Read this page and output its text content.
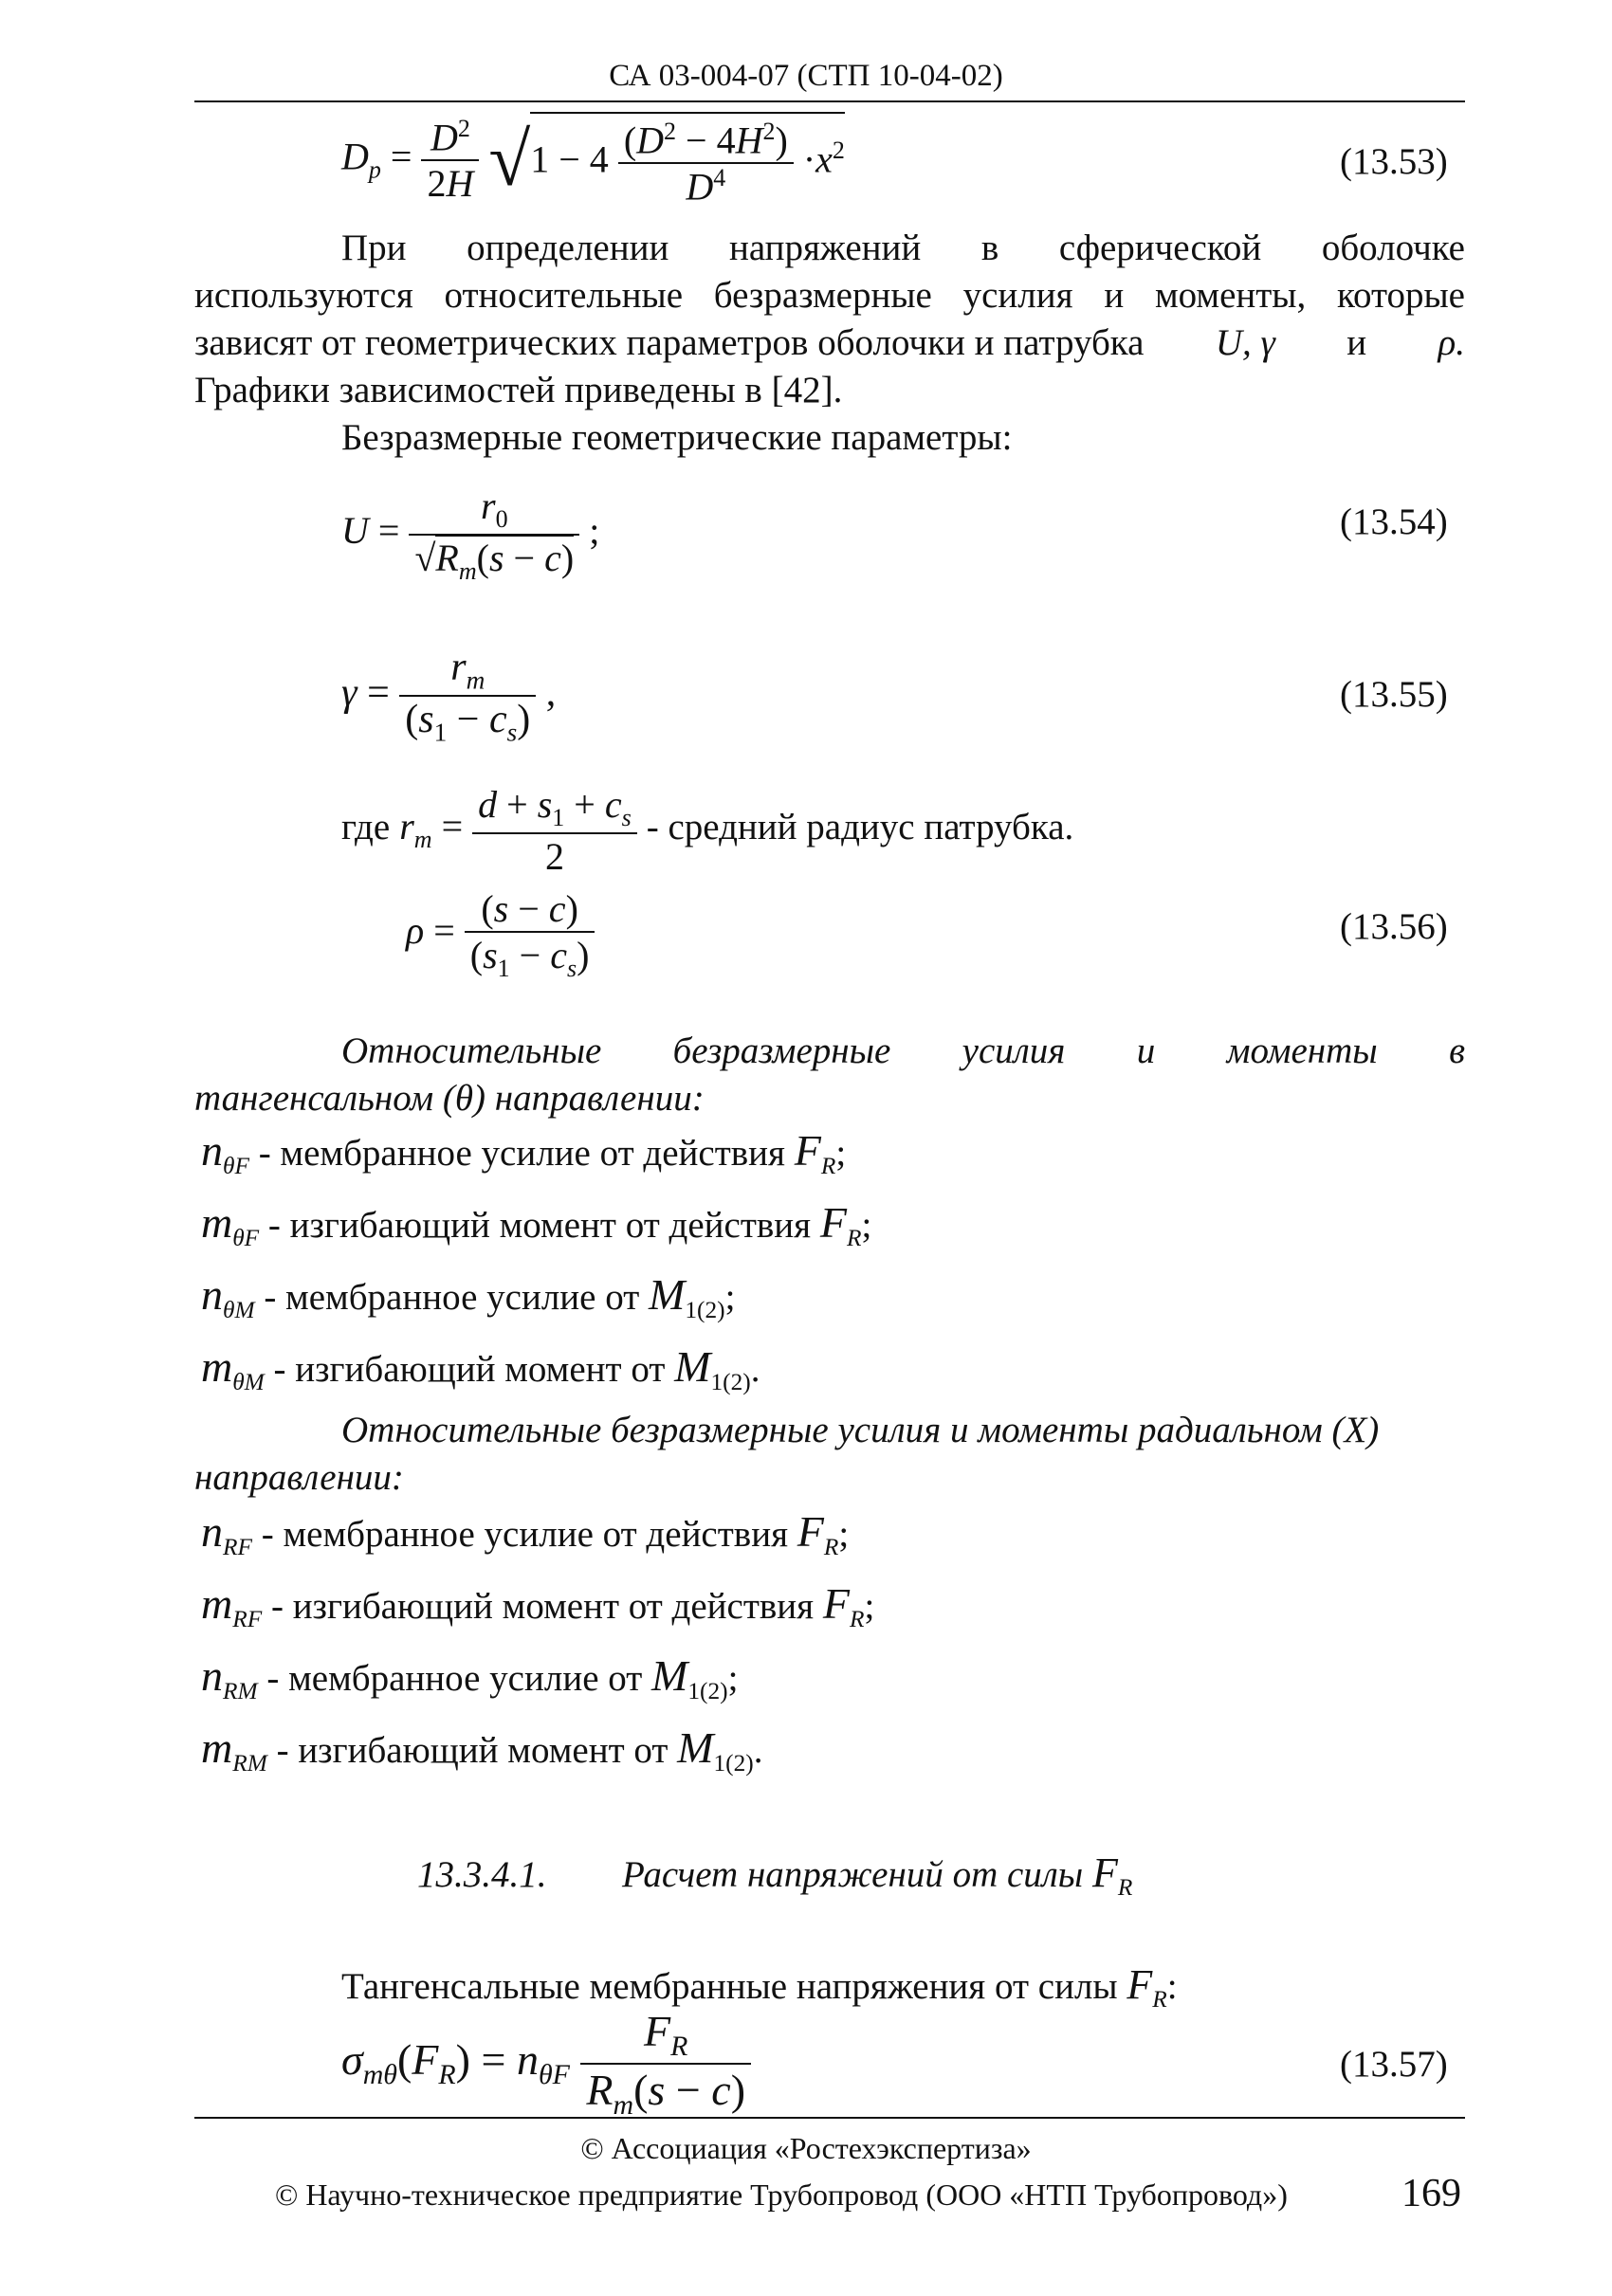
СА 03-004-07 (СТП 10-04-02)
$D_p = \frac{D^2}{2H} √1 - 4 \frac{(D^2 - 4H^2)}{D^4} \cdot x^2$	(13.53)
При определении напряжений в сферической оболочке
используются относительные безразмерные усилия и моменты, которые
зависят от геометрических параметров оболочки и патрубка U, γ и ρ.
Графики зависимостей приведены в [42].
Безразмерные геометрические параметры:
$U = \frac{r_0}{√R_m(s - c)}$ ;	(13.54)
$\gamma = \frac{r_m}{(s_1 - c_s)}$ ,	(13.55)
где $r_m = \frac{d + s_1 + c_s}{2}$ - средний радиус патрубка.
$\rho = \frac{(s - c)}{(s_1 - c_s)}$	(13.56)
Относительные безразмерные усилия и моменты в
тангенсальном (θ) направлении:
$n_{\theta F}$ - мембранное усилие от действия $F_R$;
$m_{\theta F}$ - изгибающий момент от действия $F_R$;
$n_{\theta M}$ - мембранное усилие от $M_{1(2)}$;
$m_{\theta M}$ - изгибающий момент от $M_{1(2)}$.
Относительные безразмерные усилия и моменты радиальном (X)
направлении:
$n_{RF}$ - мембранное усилие от действия $F_R$;
$m_{RF}$ - изгибающий момент от действия $F_R$;
$n_{RM}$ - мембранное усилие от $M_{1(2)}$;
$m_{RM}$ - изгибающий момент от $M_{1(2)}$.
13.3.4.1. Расчет напряжений от силы $F_R$
Тангенсальные мембранные напряжения от силы $F_R$:
$\sigma_{m\theta}(F_R) = n_{\theta F} \frac{F_R}{R_m(s - c)}$	(13.57)
© Ассоциация «Ростехэкспертиза»
© Научно-техническое предприятие Трубопровод (ООО «НТП Трубопровод»)	169
